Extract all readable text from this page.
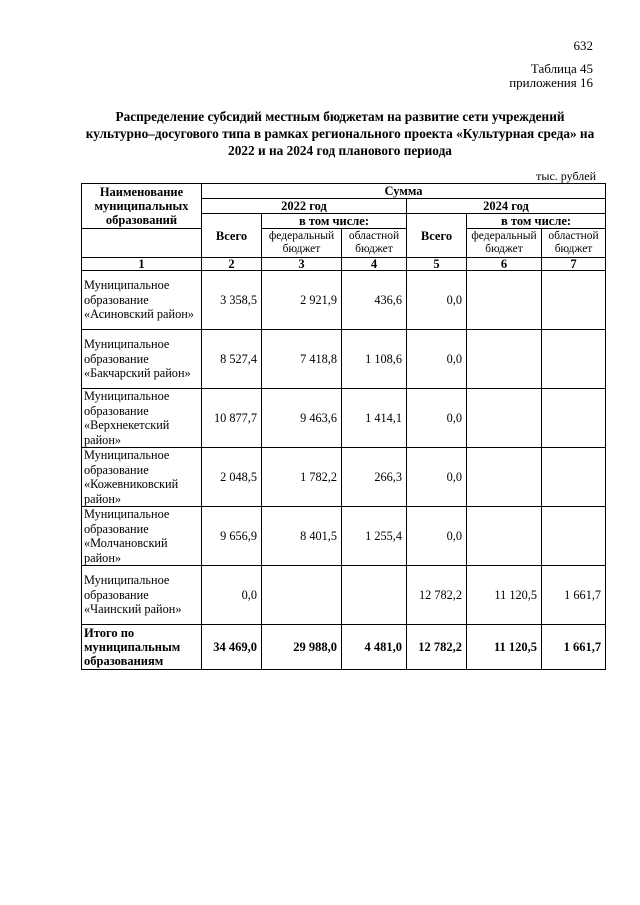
632
Таблица 45
приложения 16
Распределение субсидий местным бюджетам на развитие сети учреждений культурно–досугового типа в рамках регионального проекта «Культурная среда» на 2022 и на 2024 год планового периода
тыс. рублей
Наименование муниципальных образований	Сумма					
	2022 год			2024 год		
	Всего	в том числе:		Всего	в том числе:	
		федеральный бюджет	областной бюджет		федеральный бюджет	областной бюджет
1	2	3	4	5	6	7
Муниципальное образование «Асиновский район»	3 358,5	2 921,9	436,6	0,0		
Муниципальное образование «Бакчарский район»	8 527,4	7 418,8	1 108,6	0,0		
Муниципальное образование «Верхнекетский район»	10 877,7	9 463,6	1 414,1	0,0		
Муниципальное образование «Кожевниковский район»	2 048,5	1 782,2	266,3	0,0		
Муниципальное образование «Молчановский район»	9 656,9	8 401,5	1 255,4	0,0		
Муниципальное образование «Чаинский район»	0,0			12 782,2	11 120,5	1 661,7
Итого по муниципальным образованиям	34 469,0	29 988,0	4 481,0	12 782,2	11 120,5	1 661,7
